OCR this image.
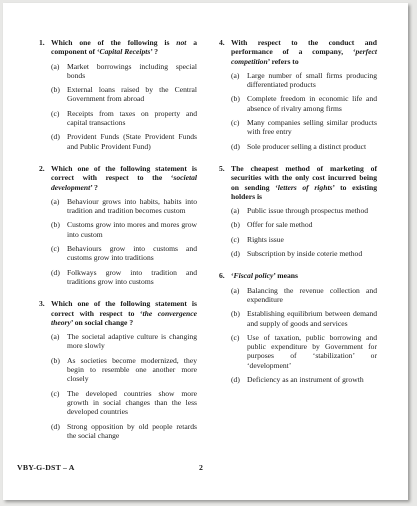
1. Which one of the following is not a component of ‘Capital Receipts’ ?
(a) Market borrowings including special bonds
(b) External loans raised by the Central Government from abroad
(c) Receipts from taxes on property and capital transactions
(d) Provident Funds (State Provident Funds and Public Provident Fund)
2. Which one of the following statement is correct with respect to the ‘societal development’ ?
(a) Behaviour grows into habits, habits into tradition and tradition becomes custom
(b) Customs grow into mores and mores grow into custom
(c) Behaviours grow into customs and customs grow into traditions
(d) Folkways grow into tradition and traditions grow into customs
3. Which one of the following statement is correct with respect to ‘the convergence theory’ on social change ?
(a) The societal adaptive culture is changing more slowly
(b) As societies become modernized, they begin to resemble one another more closely
(c) The developed countries show more growth in social changes than the less developed countries
(d) Strong opposition by old people retards the social change
4. With respect to the conduct and performance of a company, ‘perfect competition’ refers to
(a) Large number of small firms producing differentiated products
(b) Complete freedom in economic life and absence of rivalry among firms
(c) Many companies selling similar products with free entry
(d) Sole producer selling a distinct product
5. The cheapest method of marketing of securities with the only cost incurred being on sending ‘letters of rights’ to existing holders is
(a) Public issue through prospectus method
(b) Offer for sale method
(c) Rights issue
(d) Subscription by inside coterie method
6. ‘Fiscal policy’ means
(a) Balancing the revenue collection and expenditure
(b) Establishing equilibrium between demand and supply of goods and services
(c) Use of taxation, public borrowing and public expenditure by Government for purposes of ‘stabilization’ or ‘development’
(d) Deficiency as an instrument of growth
VBY-G-DST – A	2
